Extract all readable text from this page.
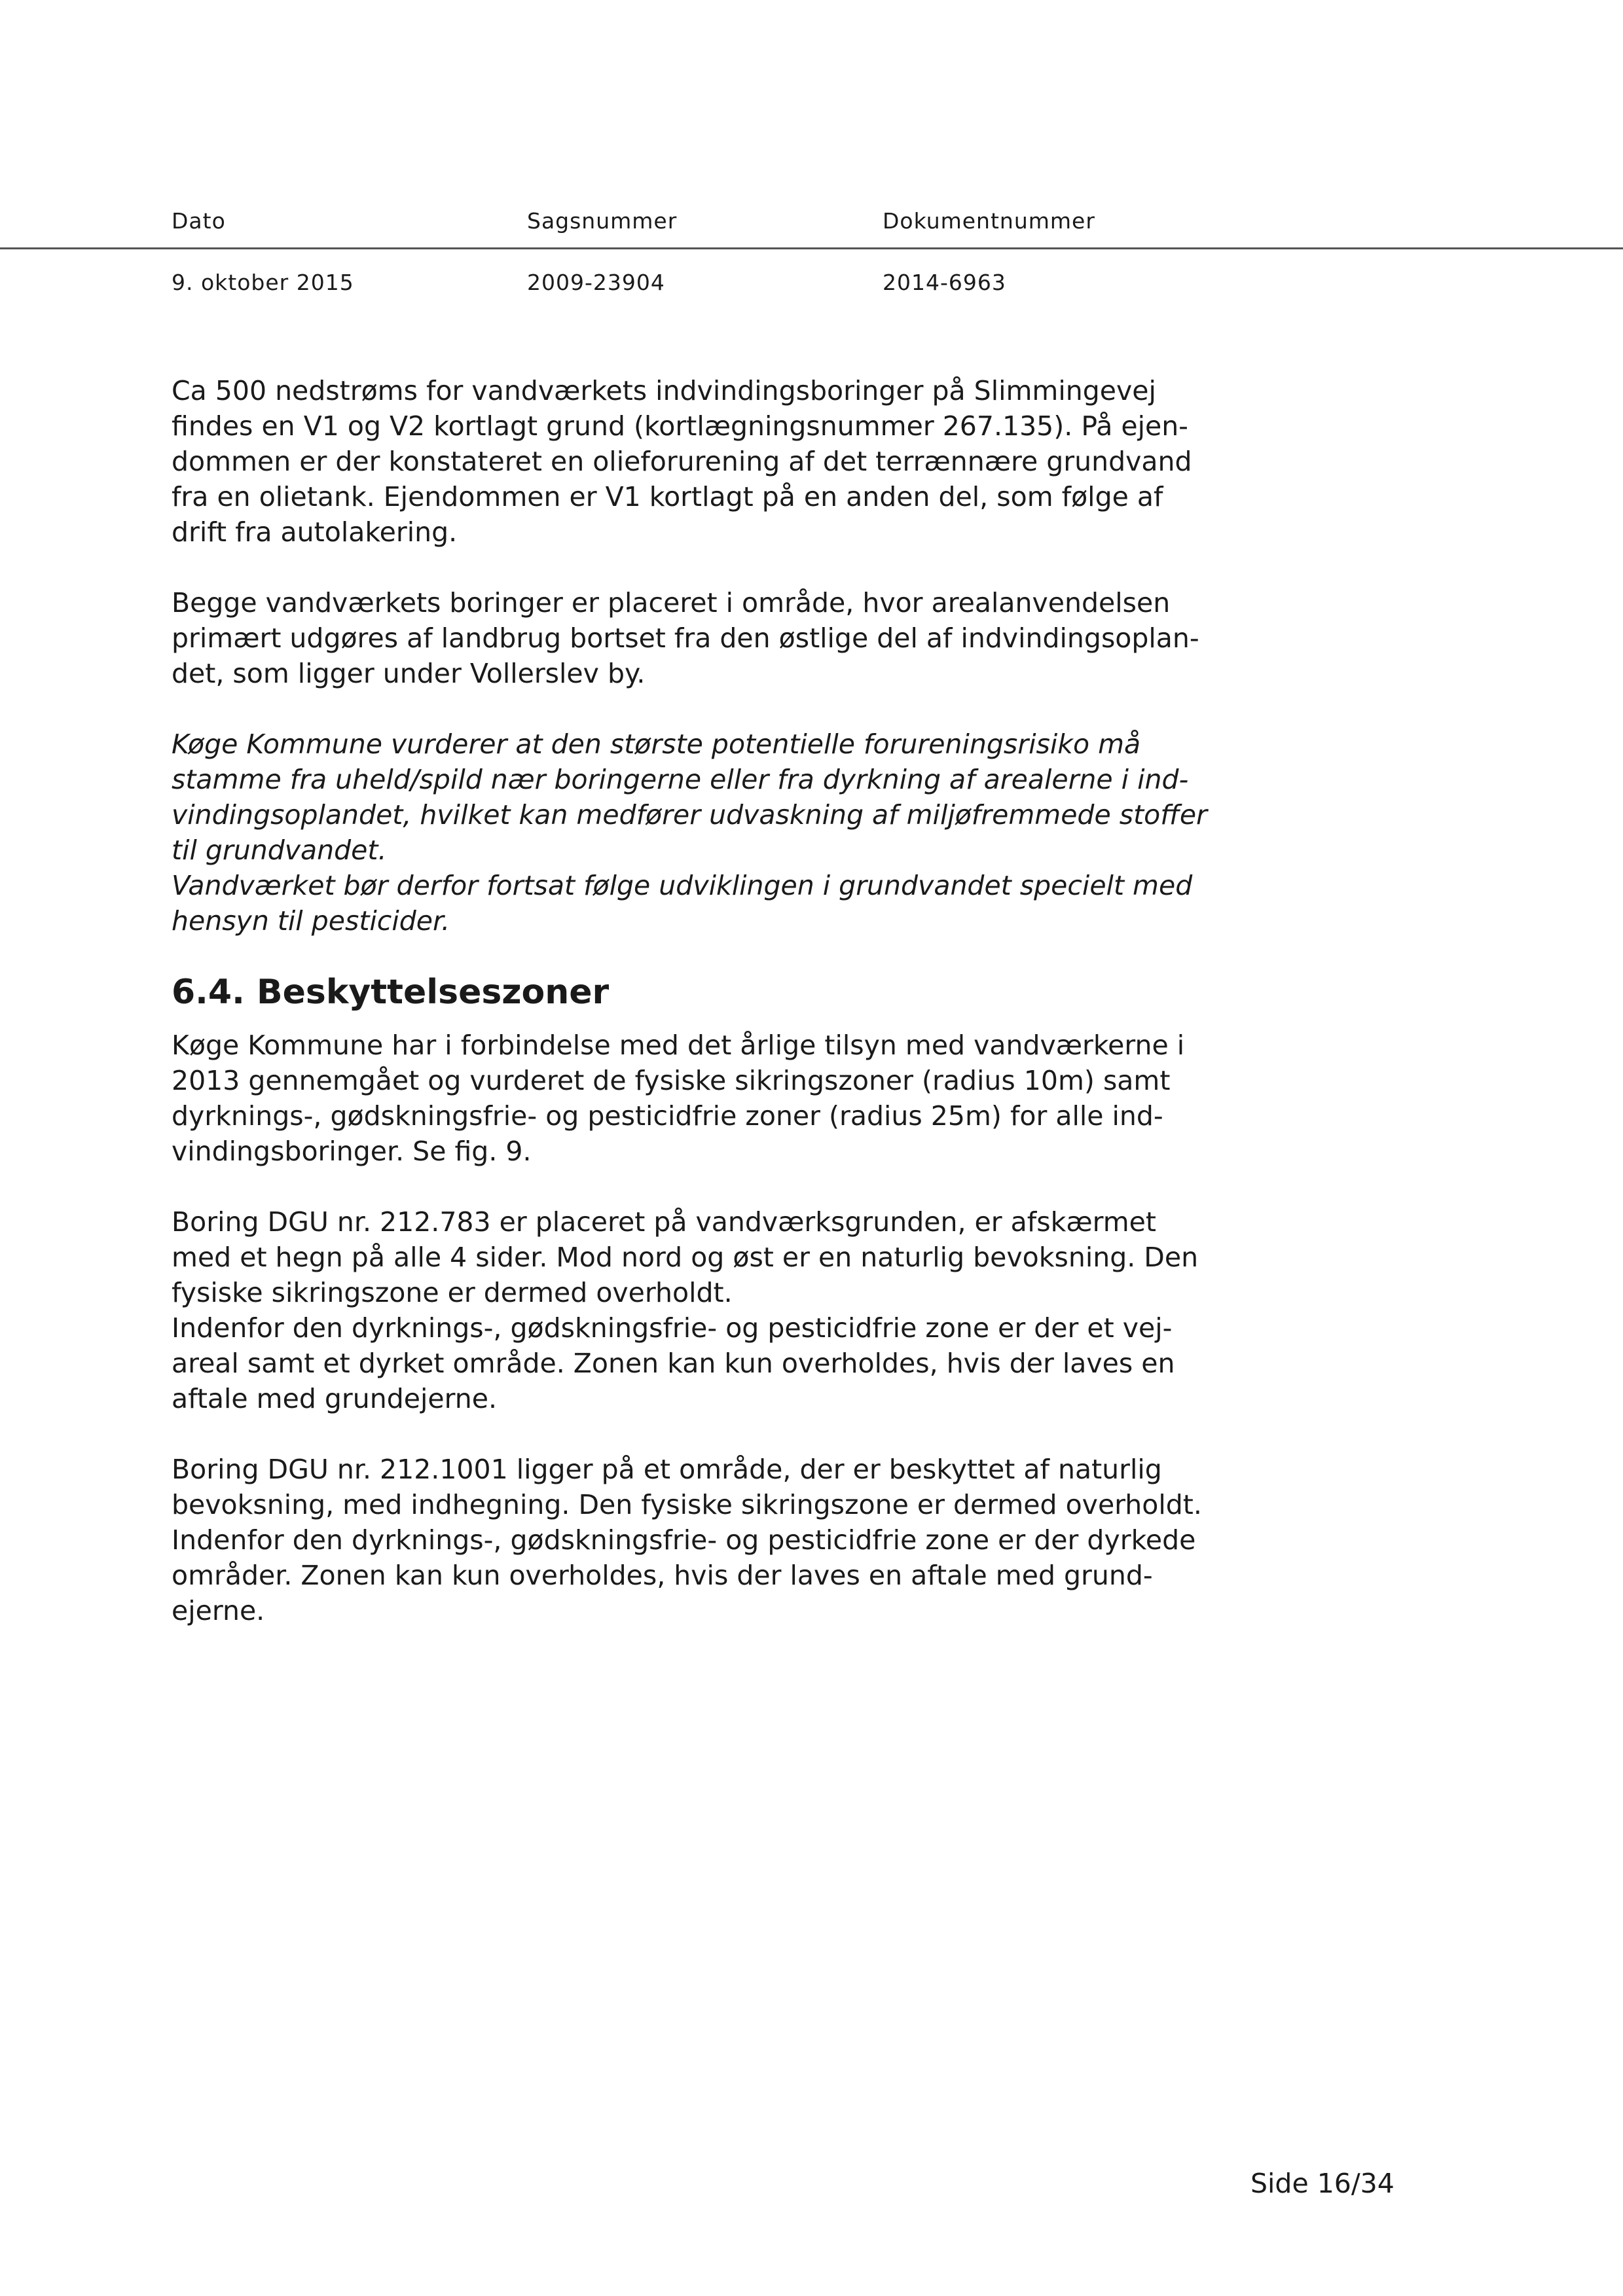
Dato	Sagsnummer	Dokumentnummer
9. oktober 2015	2009-23904	2014-6963

Ca 500 nedstrøms for vandværkets indvindingsboringer på Slimmingevej
findes en V1 og V2 kortlagt grund (kortlægningsnummer 267.135). På ejen-
dommen er der konstateret en olieforurening af det terrænnære grundvand
fra en olietank. Ejendommen er V1 kortlagt på en anden del, som følge af
drift fra autolakering.

Begge vandværkets boringer er placeret i område, hvor arealanvendelsen
primært udgøres af landbrug bortset fra den østlige del af indvindingsoplan-
det, som ligger under Vollerslev by.

Køge Kommune vurderer at den største potentielle forureningsrisiko må
stamme fra uheld/spild nær boringerne eller fra dyrkning af arealerne i ind-
vindingsoplandet, hvilket kan medfører udvaskning af miljøfremmede stoffer
til grundvandet.

Vandværket bør derfor fortsat følge udviklingen i grundvandet specielt med
hensyn til pesticider.

6.4. Beskyttelseszoner

Køge Kommune har i forbindelse med det årlige tilsyn med vandværkerne i
2013 gennemgået og vurderet de fysiske sikringszoner (radius 10m) samt
dyrknings-, gødskningsfrie- og pesticidfrie zoner (radius 25m) for alle ind-
vindingsboringer. Se fig. 9.

Boring DGU nr. 212.783 er placeret på vandværksgrunden, er afskærmet
med et hegn på alle 4 sider. Mod nord og øst er en naturlig bevoksning. Den
fysiske sikringszone er dermed overholdt.

Indenfor den dyrknings-, gødskningsfrie- og pesticidfrie zone er der et vej-
areal samt et dyrket område. Zonen kan kun overholdes, hvis der laves en
aftale med grundejerne.

Boring DGU nr. 212.1001 ligger på et område, der er beskyttet af naturlig
bevoksning, med indhegning. Den fysiske sikringszone er dermed overholdt.

Indenfor den dyrknings-, gødskningsfrie- og pesticidfrie zone er der dyrkede
områder. Zonen kan kun overholdes, hvis der laves en aftale med grund-
ejerne.

Side 16/34
